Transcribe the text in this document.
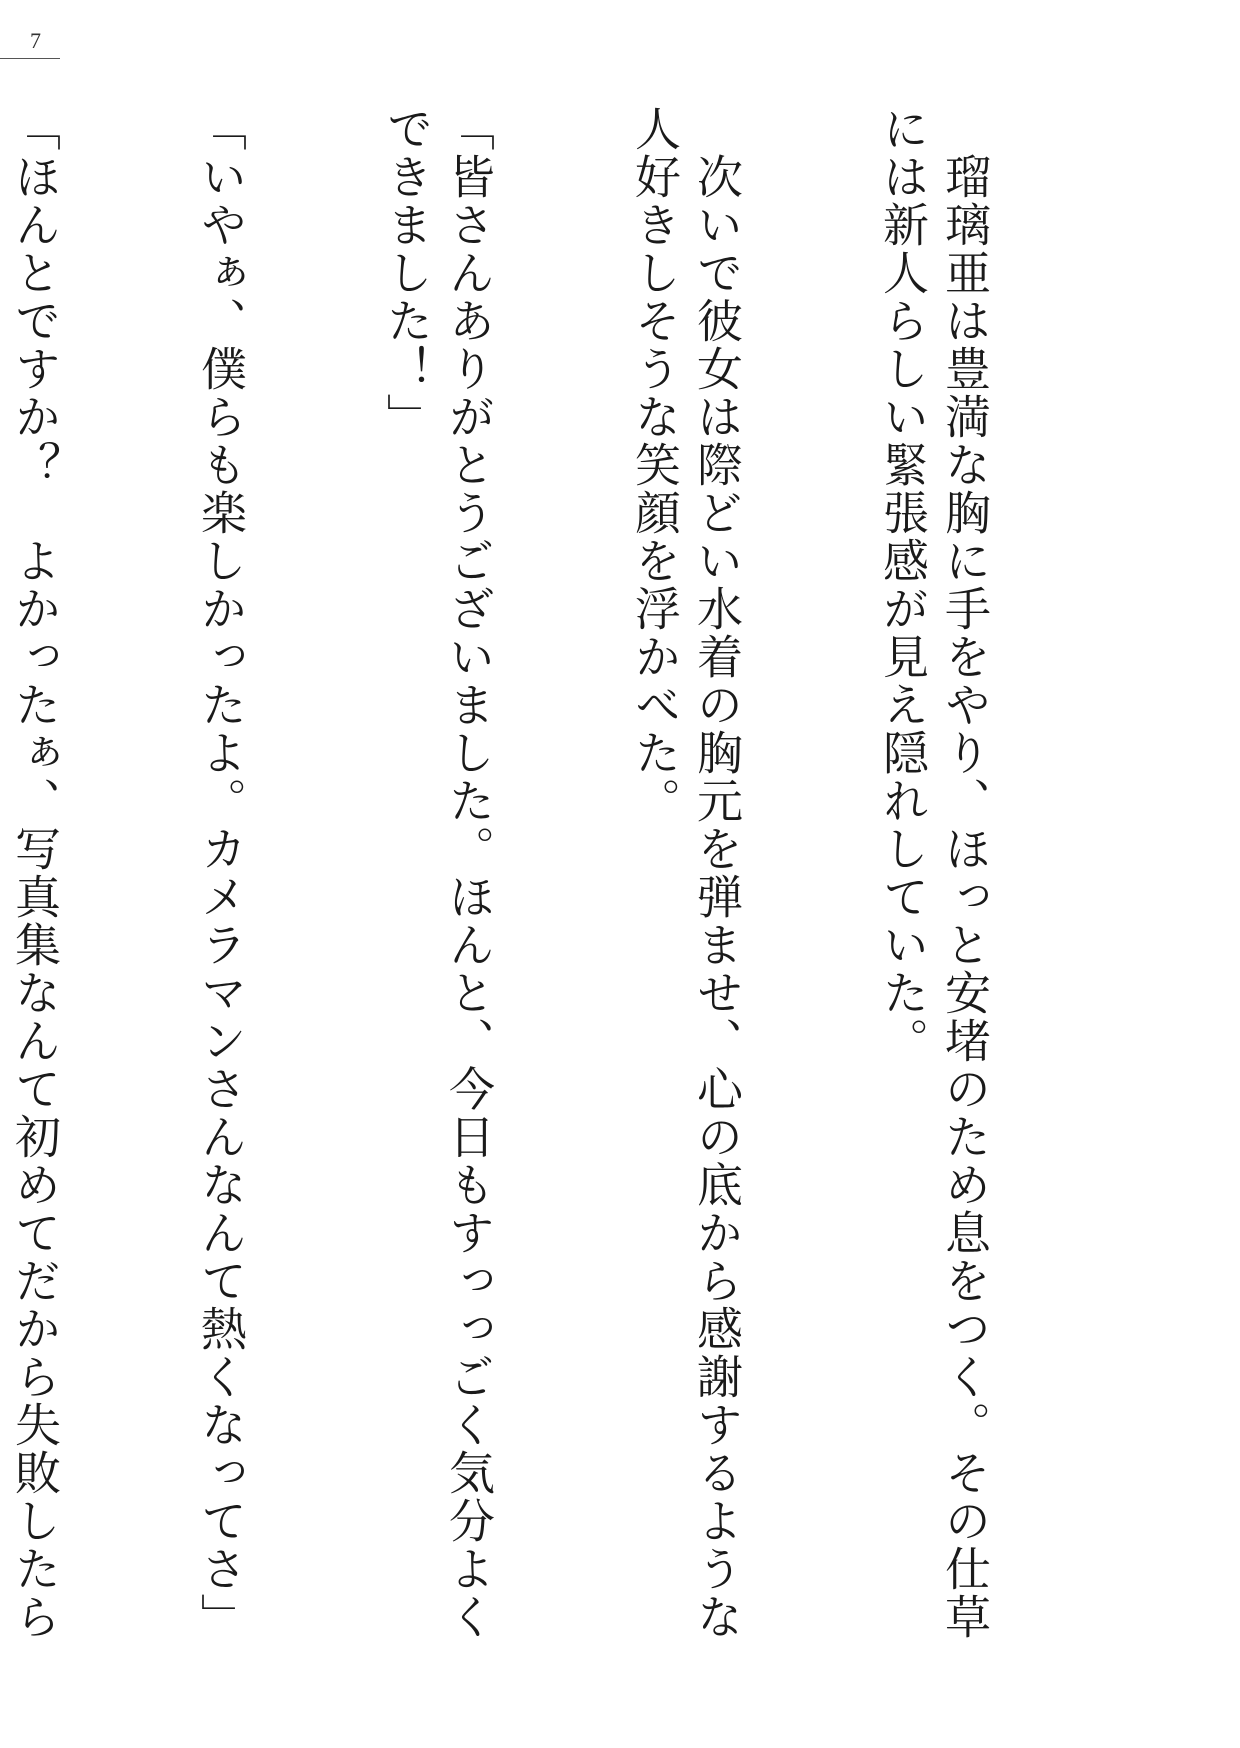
7

　瑠璃亜は豊満な胸に手をやり、ほっと安堵のため息をつく。その仕草には新人らしい緊張感が見え隠れしていた。

　次いで彼女は際どい水着の胸元を弾ませ、心の底から感謝するような人好きしそうな笑顔を浮かべた。

「皆さんありがとうございました。ほんと、今日もすっっごく気分よくできました！」

「いやぁ、僕らも楽しかったよ。カメラマンさんなんて熱くなってさ」

「ほんとですか？　よかったぁ、写真集なんて初めてだから失敗したら
